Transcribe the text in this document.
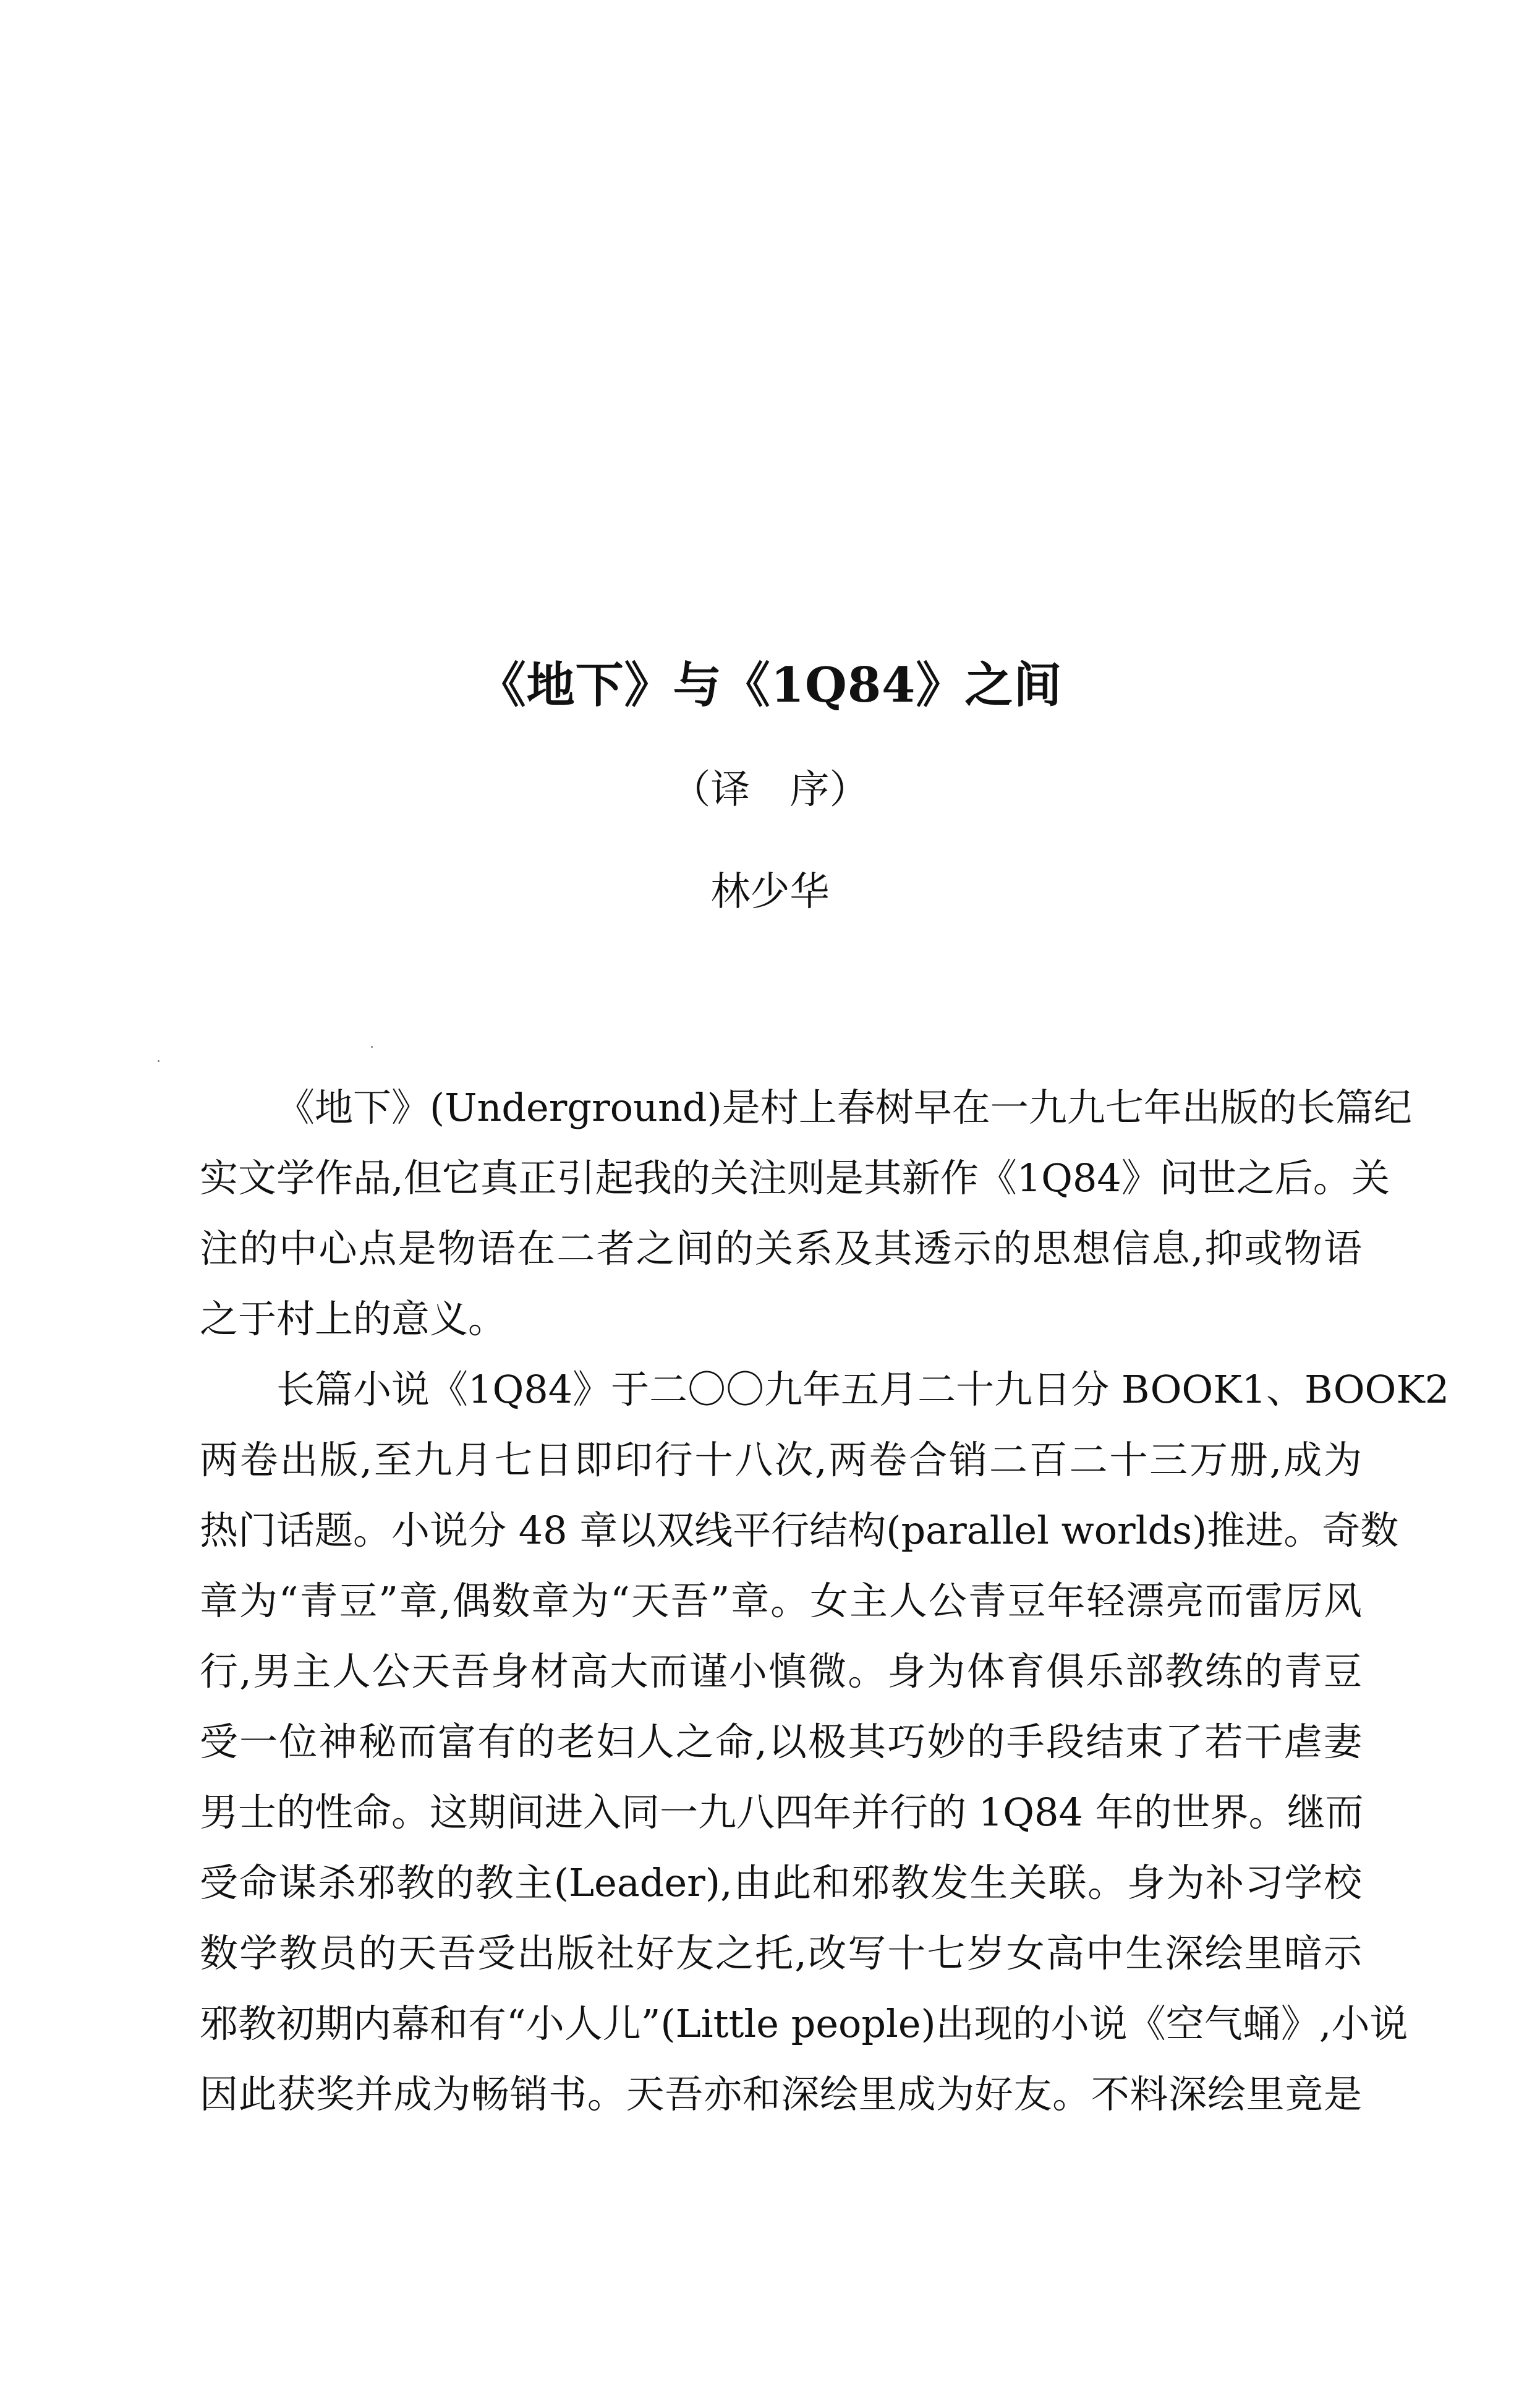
《地下》与《1Q84》之间
（译　序）
林少华
《地下》(Underground)是村上春树早在一九九七年出版的长篇纪
实文学作品,但它真正引起我的关注则是其新作《1Q84》问世之后。关
注的中心点是物语在二者之间的关系及其透示的思想信息,抑或物语
之于村上的意义。
长篇小说《1Q84》于二〇〇九年五月二十九日分 BOOK1、BOOK2
两卷出版,至九月七日即印行十八次,两卷合销二百二十三万册,成为
热门话题。小说分 48 章以双线平行结构(parallel worlds)推进。奇数
章为“青豆”章,偶数章为“天吾”章。女主人公青豆年轻漂亮而雷厉风
行,男主人公天吾身材高大而谨小慎微。身为体育俱乐部教练的青豆
受一位神秘而富有的老妇人之命,以极其巧妙的手段结束了若干虐妻
男士的性命。这期间进入同一九八四年并行的 1Q84 年的世界。继而
受命谋杀邪教的教主(Leader),由此和邪教发生关联。身为补习学校
数学教员的天吾受出版社好友之托,改写十七岁女高中生深绘里暗示
邪教初期内幕和有“小人儿”(Little people)出现的小说《空气蛹》,小说
因此获奖并成为畅销书。天吾亦和深绘里成为好友。不料深绘里竟是
